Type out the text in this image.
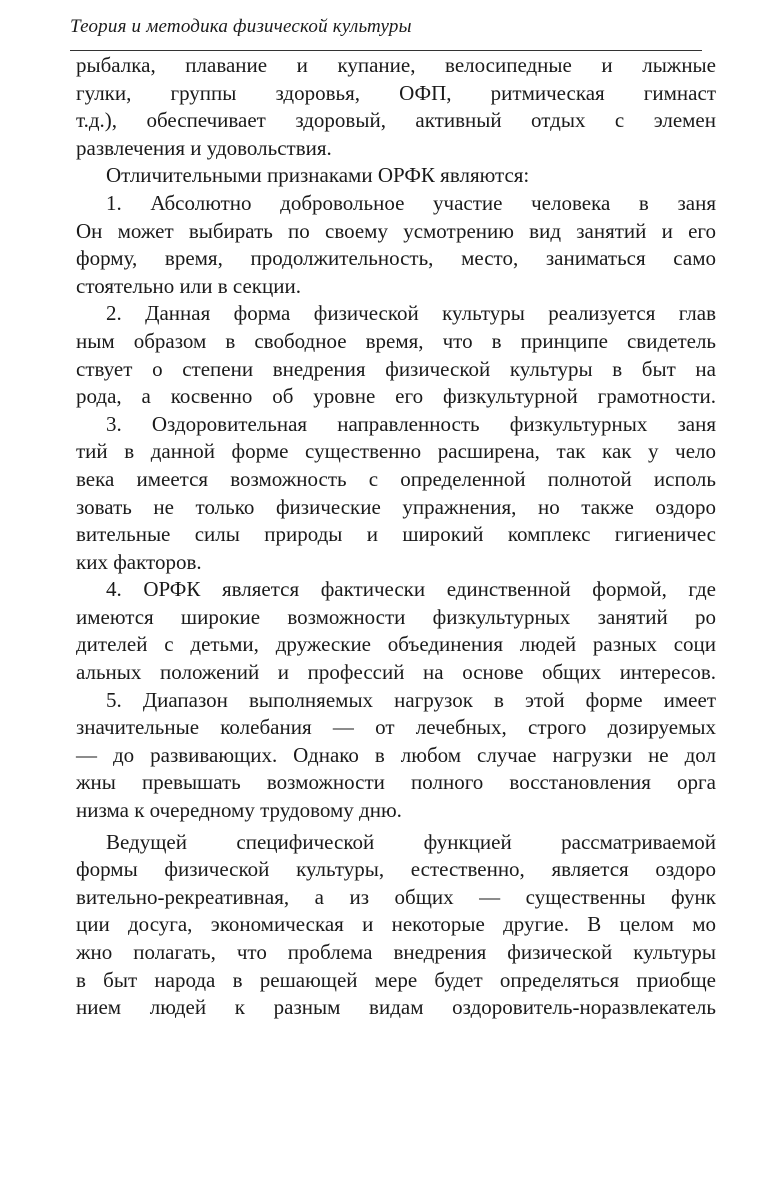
Теория и методика физической культуры
рыбалка, плавание и купание, велосипедные и лыжные
гулки, группы здоровья, ОФП, ритмическая гимнаст
т.д.), обеспечивает здоровый, активный отдых с элемен
развлечения и удовольствия.
Отличительными признаками ОРФК являются:
1. Абсолютно добровольное участие человека в заня
Он может выбирать по своему усмотрению вид занятий и его
форму, время, продолжительность, место, заниматься само
стоятельно или в секции.
2. Данная форма физической культуры реализуется глав
ным образом в свободное время, что в принципе свидетель
ствует о степени внедрения физической культуры в быт на
рода, а косвенно об уровне его физкультурной грамотности.
3. Оздоровительная направленность физкультурных заня
тий в данной форме существенно расширена, так как у чело
века имеется возможность с определенной полнотой исполь
зовать не только физические упражнения, но также оздоро
вительные силы природы и широкий комплекс гигиеничес
ких факторов.
4. ОРФК является фактически единственной формой, где
имеются широкие возможности физкультурных занятий ро
дителей с детьми, дружеские объединения людей разных соци
альных положений и профессий на основе общих интересов.
5. Диапазон выполняемых нагрузок в этой форме имеет
значительные колебания — от лечебных, строго дозируемых
— до развивающих. Однако в любом случае нагрузки не дол
жны превышать возможности полного восстановления орга
низма к очередному трудовому дню.
Ведущей специфической функцией рассматриваемой
формы физической культуры, естественно, является оздоро
вительно-рекреативная, а из общих — существенны функ
ции досуга, экономическая и некоторые другие. В целом мо
жно полагать, что проблема внедрения физической культуры
в быт народа в решающей мере будет определяться приобще
нием людей к разным видам оздоровитель-норазвлекатель
